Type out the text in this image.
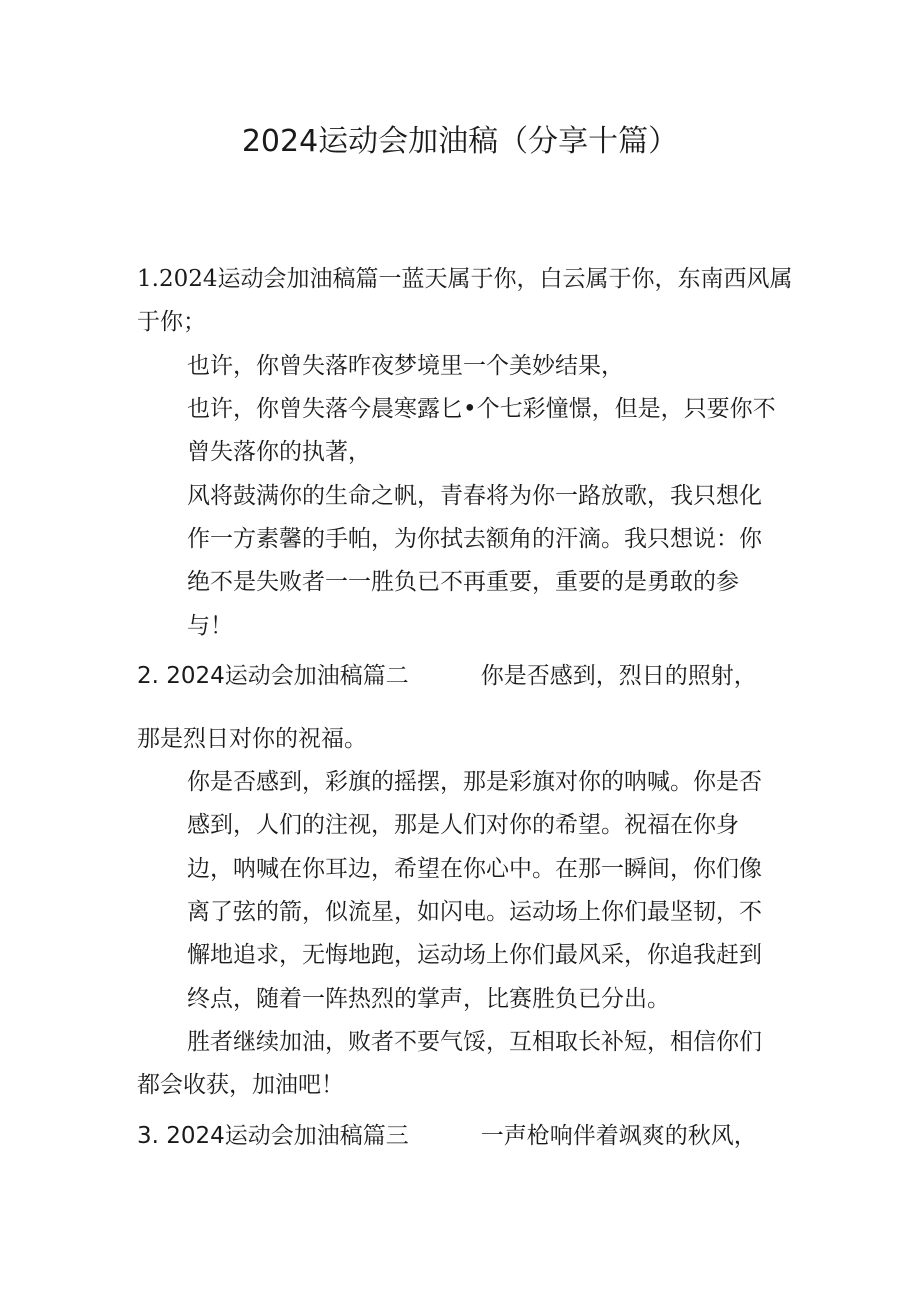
2024运动会加油稿（分享十篇）
1.2024运动会加油稿篇一蓝天属于你，白云属于你，东南西风属
于你；
也许，你曾失落昨夜梦境里一个美妙结果，
也许，你曾失落今晨寒露匕•个七彩憧憬，但是，只要你不
曾失落你的执著，
风将鼓满你的生命之帆，青春将为你一路放歌，我只想化
作一方素馨的手帕，为你拭去额角的汗滴。我只想说：你
绝不是失败者一一胜负已不再重要，重要的是勇敢的参
与！
2. 2024运动会加油稿篇二	你是否感到，烈日的照射，
那是烈日对你的祝福。
你是否感到，彩旗的摇摆，那是彩旗对你的呐喊。你是否
感到，人们的注视，那是人们对你的希望。祝福在你身
边，呐喊在你耳边，希望在你心中。在那一瞬间，你们像
离了弦的箭，似流星，如闪电。运动场上你们最坚韧，不
懈地追求，无悔地跑，运动场上你们最风采，你追我赶到
终点，随着一阵热烈的掌声，比赛胜负已分出。
胜者继续加油，败者不要气馁，互相取长补短，相信你们
都会收获，加油吧！
3. 2024运动会加油稿篇三	一声枪响伴着飒爽的秋风，
